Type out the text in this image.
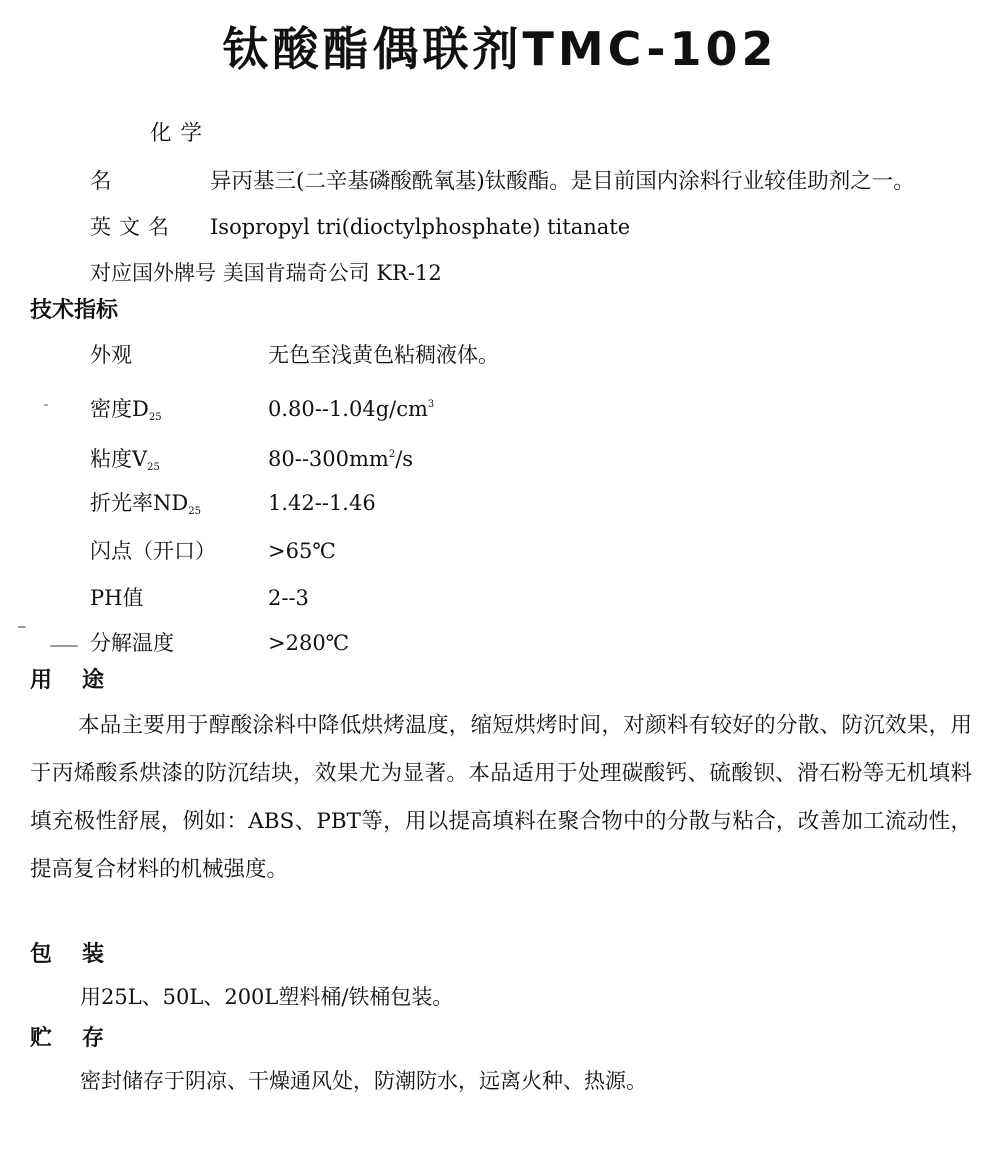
钛酸酯偶联剂TMC-102
化学名	异丙基三(二辛基磷酸酰氧基)钛酸酯。是目前国内涂料行业较佳助剂之一。
英文名 Isopropyl tri(dioctylphosphate) titanate
对应国外牌号 美国肯瑞奇公司 KR-12
技术指标
外观	无色至浅黄色粘稠液体。
密度$D_{25}$	$0.80--1.04g/cm^3$
粘度$V_{25}$	$80--300mm^2/s$
折光率$ND_{25}$	1.42--1.46
闪点（开口） >65℃
PH值	2--3
分解温度	>280℃
用 途
本品主要用于醇酸涂料中降低烘烤温度，缩短烘烤时间，对颜料有较好的分散、防沉效果，用于丙烯酸系烘漆的防沉结块，效果尤为显著。本品适用于处理碳酸钙、硫酸钡、滑石粉等无机填料填充极性舒展，例如：ABS、PBT等，用以提高填料在聚合物中的分散与粘合，改善加工流动性，提高复合材料的机械强度。
包 装
用25L、50L、200L塑料桶/铁桶包装。
贮 存
密封储存于阴凉、干燥通风处，防潮防水，远离火种、热源。
